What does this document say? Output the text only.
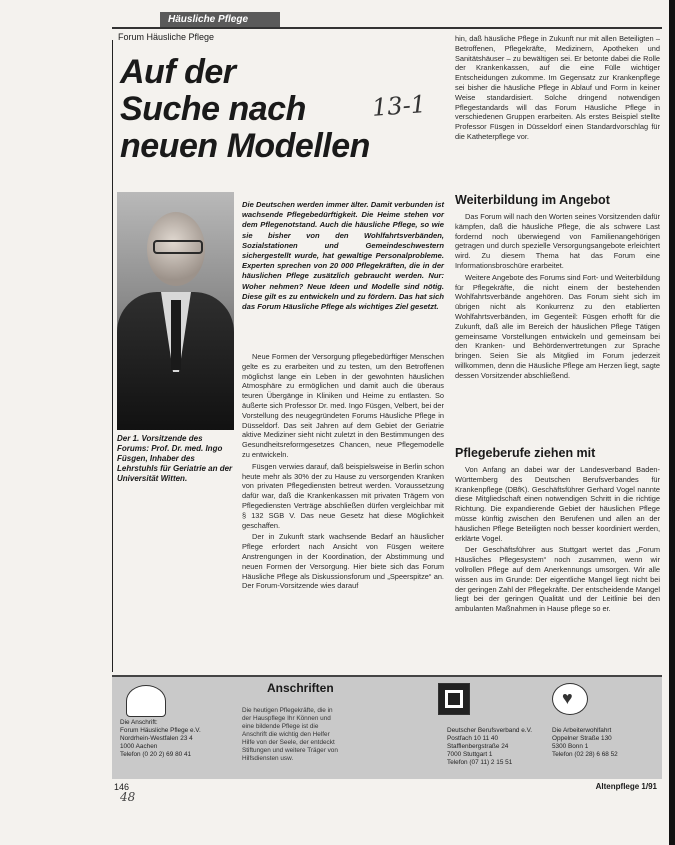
Häusliche Pflege
Forum Häusliche Pflege
Auf der
Suche nach
neuen Modellen
13-1
Der 1. Vorsitzende des Forums: Prof. Dr. med. Ingo Füsgen, Inhaber des Lehrstuhls für Geriatrie an der Universität Witten.
Die Deutschen werden immer älter. Damit verbunden ist wachsende Pflegebedürftigkeit. Die Heime stehen vor dem Pflegenotstand. Auch die häusliche Pflege, so wie sie bisher von den Wohlfahrtsverbänden, Sozialstationen und Gemeindeschwestern sichergestellt wurde, hat gewaltige Personalprobleme. Experten sprechen von 20 000 Pflegekräften, die in der häuslichen Pflege zusätzlich gebraucht werden. Nur: Woher nehmen? Neue Ideen und Modelle sind nötig. Diese gilt es zu entwickeln und zu fördern. Das hat sich das Forum Häusliche Pflege als wichtiges Ziel gesetzt.

Neue Formen der Versorgung pflegebedürftiger Menschen gelte es zu erarbeiten und zu testen, um den Betroffenen möglichst lange ein Leben in der gewohnten häuslichen Atmosphäre zu ermöglichen und damit auch die überaus teuren Übergänge in Kliniken und Heime zu entlasten. So äußerte sich Professor Dr. med. Ingo Füsgen, Velbert, bei der Vorstellung des neugegründeten Forums Häusliche Pflege in Düsseldorf. Das seit Jahren auf dem Gebiet der Geriatrie aktive Mediziner sieht nicht zuletzt in den Bestimmungen des Gesundheitsreformgesetzes Chancen, neue Pflegemodelle zu entwickeln.

Füsgen verwies darauf, daß beispielsweise in Berlin schon heute mehr als 30% der zu Hause zu versorgenden Kranken von privaten Pflegediensten betreut werden. Voraussetzung dafür war, daß die Krankenkassen mit privaten Trägern von Pflegediensten Verträge abschließen dürfen vergleichbar mit § 132 SGB V. Das neue Gesetz hat diese Möglichkeit geschaffen.

Der in Zukunft stark wachsende Bedarf an häuslicher Pflege erfordert nach Ansicht von Füsgen weitere Anstrengungen in der Koordination, der Abstimmung und neuen Formen der Versorgung. Hier biete sich das Forum Häusliche Pflege als Diskussionsforum und „Speerspitze“ an. Der Forum-Vorsitzende wies darauf

hin, daß häusliche Pflege in Zukunft nur mit allen Beteiligten – Betroffenen, Pflegekräfte, Medizinern, Apotheken und Sanitätshäuser – zu bewältigen sei. Er betonte dabei die Rolle der Krankenkassen, auf die eine Fülle wichtiger Entscheidungen zukomme. Im Gegensatz zur Krankenpflege sei bisher die häusliche Pflege in Ablauf und Form in keiner Weise standardisiert. Solche dringend notwendigen Pflegestandards will das Forum Häusliche Pflege in verschiedenen Gruppen erarbeiten. Als erstes Beispiel stellte Professor Füsgen in Düsseldorf einen Standardvorschlag für die Katheterpflege vor.

Weiterbildung im Angebot

Das Forum will nach den Worten seines Vorsitzenden dafür kämpfen, daß die häusliche Pflege, die als schwere Last fordernd noch überwiegend von Familienangehörigen getragen und durch spezielle Versorgungsangebote erleichtert wird. Zu diesem Thema hat das Forum eine Informationsbroschüre erarbeitet.

Weitere Angebote des Forums sind Fort- und Weiterbildung für Pflegekräfte, die nicht einem der bestehenden Wohlfahrtsverbände angehören. Das Forum sieht sich im übrigen nicht als Konkurrenz zu den etablierten Wohlfahrtsverbänden, im Gegenteil: Füsgen erhofft für die Zukunft, daß alle im Bereich der häuslichen Pflege Tätigen gemeinsame Vorstellungen entwickeln und gemeinsam bei den Kranken- und Behördenvertretungen zur Sprache bringen. Seien Sie als Mitglied im Forum jederzeit willkommen, denn die Häusliche Pflege am Herzen liegt, sagte dessen Vorsitzender abschließend.

Pflegeberufe ziehen mit

Von Anfang an dabei war der Landesverband Baden-Württemberg des Deutschen Berufsverbandes für Krankenpflege (DBfK). Geschäftsführer Gerhard Vogel nannte diese Mitgliedschaft einen notwendigen Schritt in die richtige Richtung. Die expandierende Gebiet der häuslichen Pflege müsse künftig zwischen den Berufenen und allen an der häuslichen Pflege Beteiligten noch besser koordiniert werden, erklärte Vogel.

Der Geschäftsführer aus Stuttgart wertet das „Forum Häusliches Pflegesystem“ noch zusammen, wenn wir vollrollen Pflege auf dem Anerkennungs umsorgen. Wir alle wissen aus im Grunde: Der eigentliche Mangel liegt nicht bei der geringen Zahl der Pflegekräfte. Der entscheidende Mangel liegt bei der geringen Qualität und der Leitlinie bei den ambulanten Maßnahmen in Hause pflege so er.

Die Anschrift:
Forum Häusliche Pflege e.V.
Nordrhein-Westfalen 23 4
1000 Aachen
Telefon (0 20 2) 69 80 41
Anschriften
Die heutigen Pflegekräfte, die in der Hauspflege Ihr Können und eine bildende Pflege ist die Anschrift die wichtig den Helfer Hilfe von der Seele, der entdeckt Stiftungen und weitere Träger von Hilfsdiensten usw.
Deutscher Berufsverband e.V.
Postfach 10 11 40
Stafflenbergstraße 24
7000 Stuttgart 1
Telefon (07 11) 2 15 51
♥
Die Arbeiterwohlfahrt
Oppelner Straße 130
5300 Bonn 1
Telefon (02 28) 6 68 52
146
48
Altenpflege 1/91
